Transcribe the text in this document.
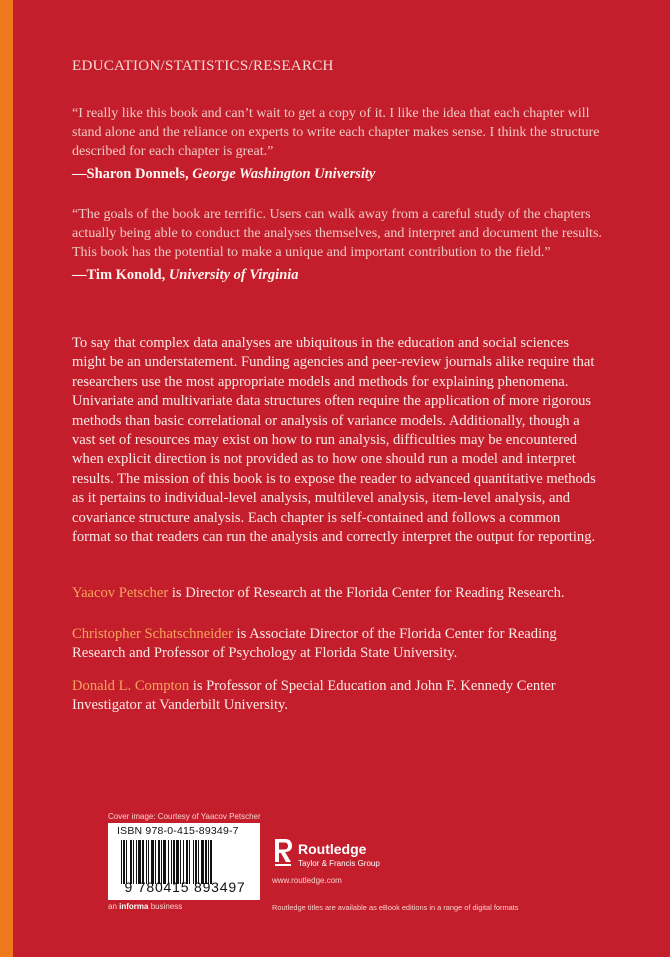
EDUCATION/STATISTICS/RESEARCH

“I really like this book and can’t wait to get a copy of it. I like the idea that each chapter will stand alone and the reliance on experts to write each chapter makes sense. I think the structure described for each chapter is great.”

—Sharon Donnels, George Washington University

“The goals of the book are terrific. Users can walk away from a careful study of the chapters actually being able to conduct the analyses themselves, and interpret and document the results. This book has the potential to make a unique and important contribution to the field.”

—Tim Konold, University of Virginia

To say that complex data analyses are ubiquitous in the education and social sciences might be an understatement. Funding agencies and peer-review journals alike require that researchers use the most appropriate models and methods for explaining phenomena. Univariate and multivariate data structures often require the application of more rigorous methods than basic correlational or analysis of variance models. Additionally, though a vast set of resources may exist on how to run analysis, difficulties may be encountered when explicit direction is not provided as to how one should run a model and interpret results. The mission of this book is to expose the reader to advanced quantitative methods as it pertains to individual-level analysis, multilevel analysis, item-level analysis, and covariance structure analysis. Each chapter is self-contained and follows a common format so that readers can run the analysis and correctly interpret the output for reporting.

Yaacov Petscher is Director of Research at the Florida Center for Reading Research.

Christopher Schatschneider is Associate Director of the Florida Center for Reading Research and Professor of Psychology at Florida State University.

Donald L. Compton is Professor of Special Education and John F. Kennedy Center Investigator at Vanderbilt University.

Cover image: Courtesy of Yaacov Petscher
ISBN 978-0-415-89349-7
9 780415 893497
an informa business
Routledge
Taylor & Francis Group
www.routledge.com
Routledge titles are available as eBook editions in a range of digital formats
